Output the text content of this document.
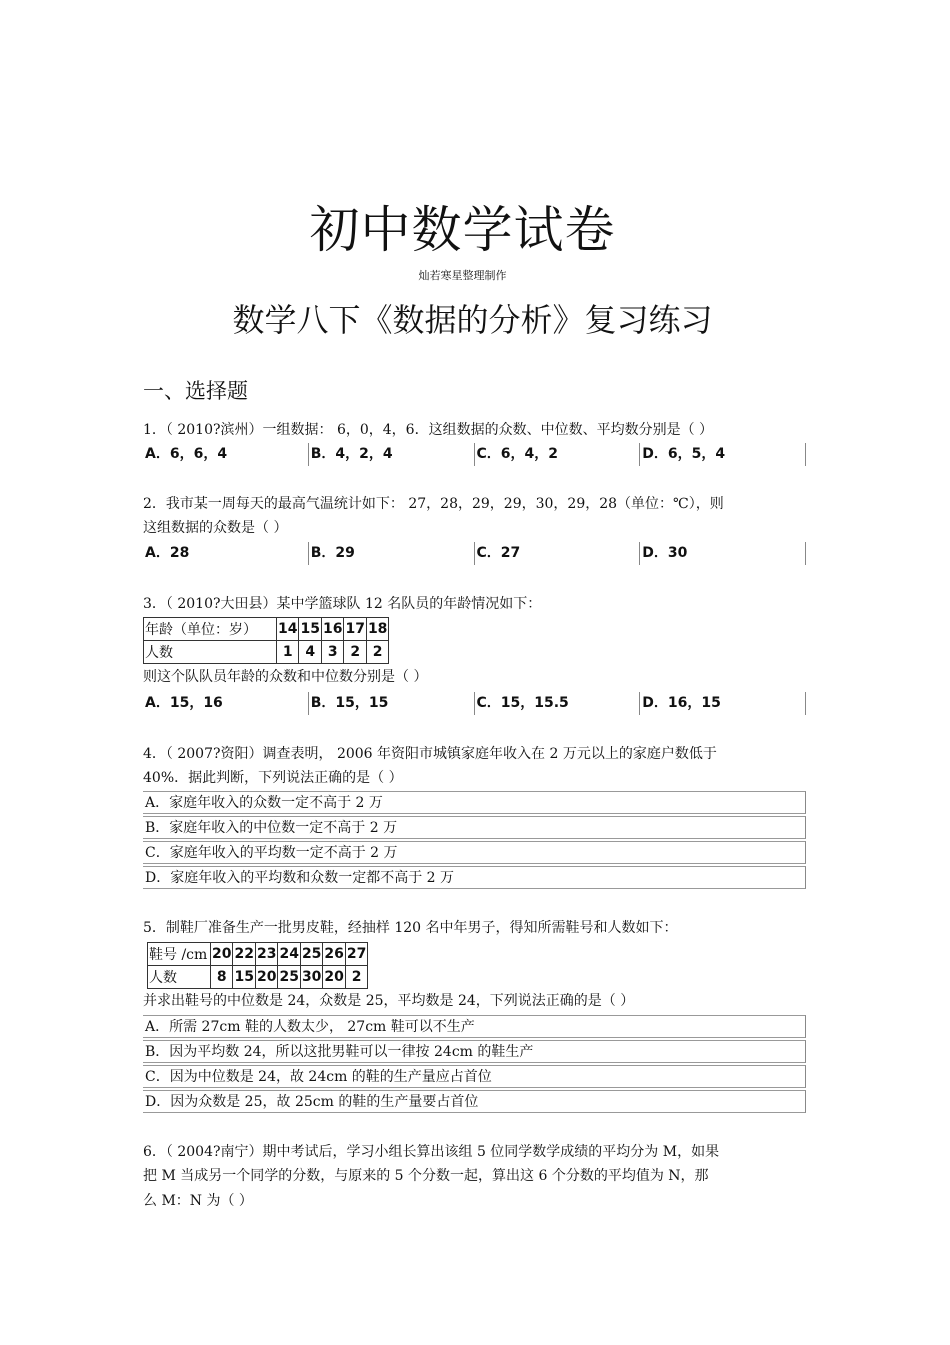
初中数学试卷
灿若寒星整理制作
数学八下《数据的分析》复习练习
一、选择题
1．（ 2010?滨州）一组数据： 6，0，4，6．这组数据的众数、中位数、平均数分别是（ ）
A．6，6，4	B．4，2，4	C．6，4，2	D．6，5，4
2．我市某一周每天的最高气温统计如下： 27，28，29，29，30，29，28（单位：℃），则
这组数据的众数是（ ）
A．28	B．29	C．27	D．30
3．（ 2010?大田县）某中学篮球队 12 名队员的年龄情况如下：
年龄（单位：岁）	14	15	16	17	18
人数	1	4	3	2	2
则这个队队员年龄的众数和中位数分别是（ ）
A．15，16	B．15，15	C．15，15.5	D．16，15
4．（ 2007?资阳）调查表明， 2006 年资阳市城镇家庭年收入在 2 万元以上的家庭户数低于
40%．据此判断，下列说法正确的是（ ）
A．家庭年收入的众数一定不高于 2 万
B．家庭年收入的中位数一定不高于 2 万
C．家庭年收入的平均数一定不高于 2 万
D．家庭年收入的平均数和众数一定都不高于 2 万
5．制鞋厂准备生产一批男皮鞋，经抽样 120 名中年男子，得知所需鞋号和人数如下：
鞋号 /cm	20	22	23	24	25	26	27
人数	8	15	20	25	30	20	2
并求出鞋号的中位数是 24，众数是 25，平均数是 24，下列说法正确的是（ ）
A．所需 27cm 鞋的人数太少， 27cm 鞋可以不生产
B．因为平均数 24，所以这批男鞋可以一律按 24cm 的鞋生产
C．因为中位数是 24，故 24cm 的鞋的生产量应占首位
D．因为众数是 25，故 25cm 的鞋的生产量要占首位
6．（ 2004?南宁）期中考试后，学习小组长算出该组 5 位同学数学成绩的平均分为 M，如果
把 M 当成另一个同学的分数，与原来的 5 个分数一起，算出这 6 个分数的平均值为 N，那
么 M：N 为（ ）
